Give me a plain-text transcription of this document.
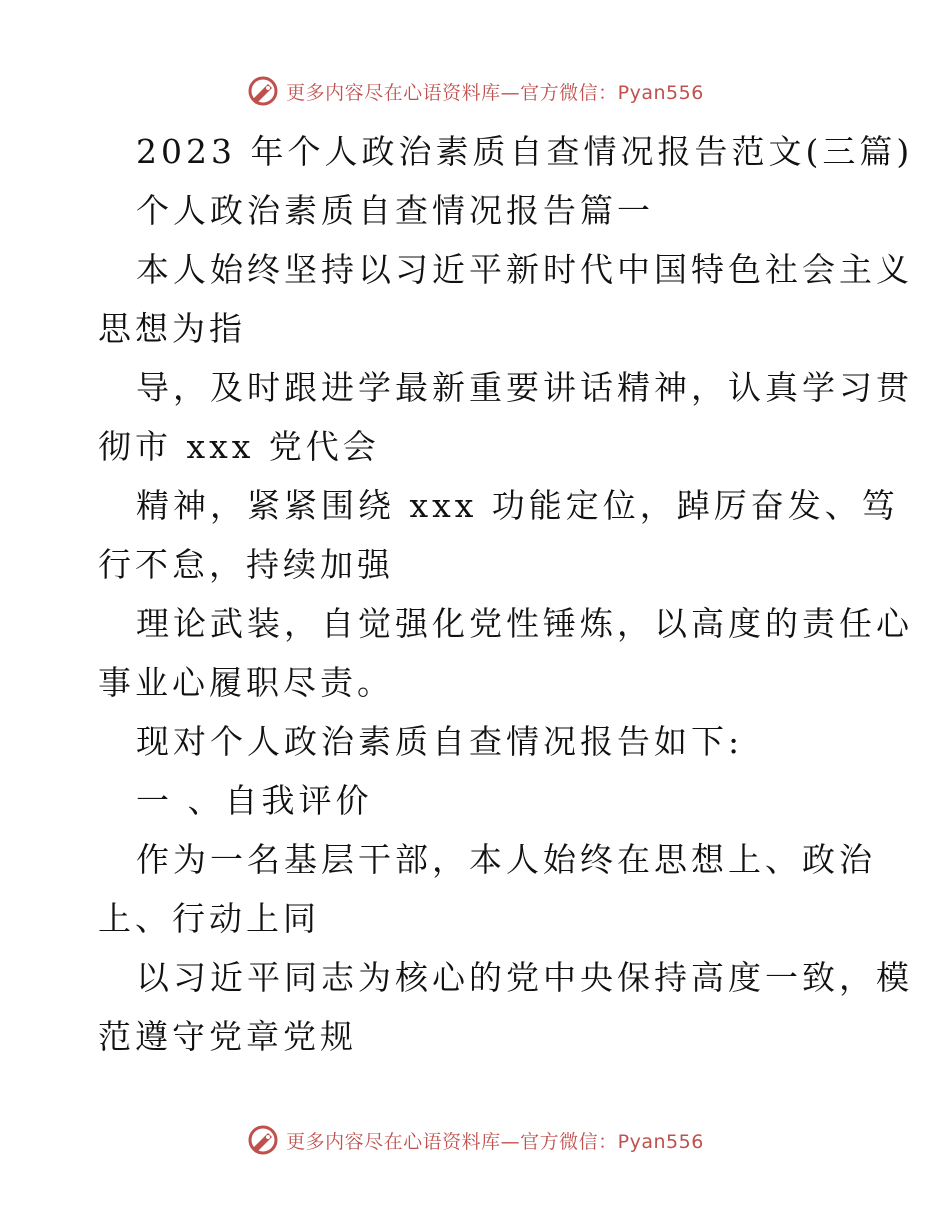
更多内容尽在心语资料库—官方微信：Pyan556
2023 年个人政治素质自查情况报告范文(三篇)
个人政治素质自查情况报告篇一
本人始终坚持以习近平新时代中国特色社会主义
思想为指
导，及时跟进学最新重要讲话精神，认真学习贯
彻市 xxx 党代会
精神，紧紧围绕 xxx 功能定位，踔厉奋发、笃
行不怠，持续加强
理论武装，自觉强化党性锤炼，以高度的责任心
事业心履职尽责。
现对个人政治素质自查情况报告如下:
一 、自我评价
作为一名基层干部，本人始终在思想上、政治
上、行动上同
以习近平同志为核心的党中央保持高度一致，模
范遵守党章党规
更多内容尽在心语资料库—官方微信：Pyan556
